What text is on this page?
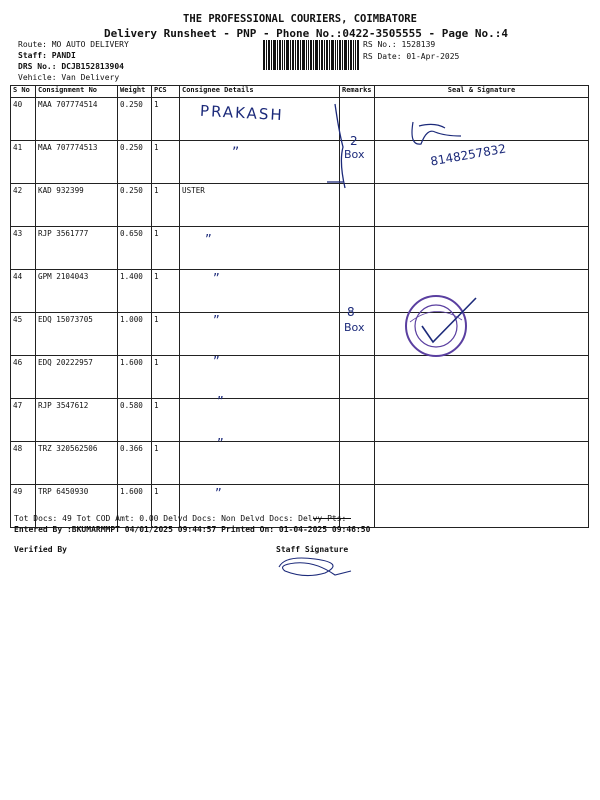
THE PROFESSIONAL COURIERS, COIMBATORE
Delivery Runsheet - PNP - Phone No.:0422-3505555 - Page No.:4
Route: MO AUTO DELIVERY
Staff: PANDI
DRS No.: DCJB152813904
Vehicle: Van Delivery
RS No.: 1528139
RS Date: 01-Apr-2025
S No	Consignment No	Weight	PCS	Consignee Details	Remarks	Seal & Signature
40	MAA 707774514	0.250	1			
41	MAA 707774513	0.250	1			
42	KAD 932399	0.250	1	USTER		
43	RJP 3561777	0.650	1			
44	GPM 2104043	1.400	1			
45	EDQ 15073705	1.000	1			
46	EDQ 20222957	1.600	1			
47	RJP 3547612	0.580	1			
48	TRZ 320562506	0.366	1			
49	TRP 6450930	1.600	1			
PRAKASH
”
”
”
”
”
”
”
”
2
Box
8
Box
8148257832
Tot Docs: 49 Tot COD Amt: 0.00 Delvd Docs: Non Delvd Docs: Delvy Pts:
Entered By :BKUMARMMPT 04/01/2025 09:44:57 Printed On: 01-04-2025 09:46:50
Verified By	Staff Signature
